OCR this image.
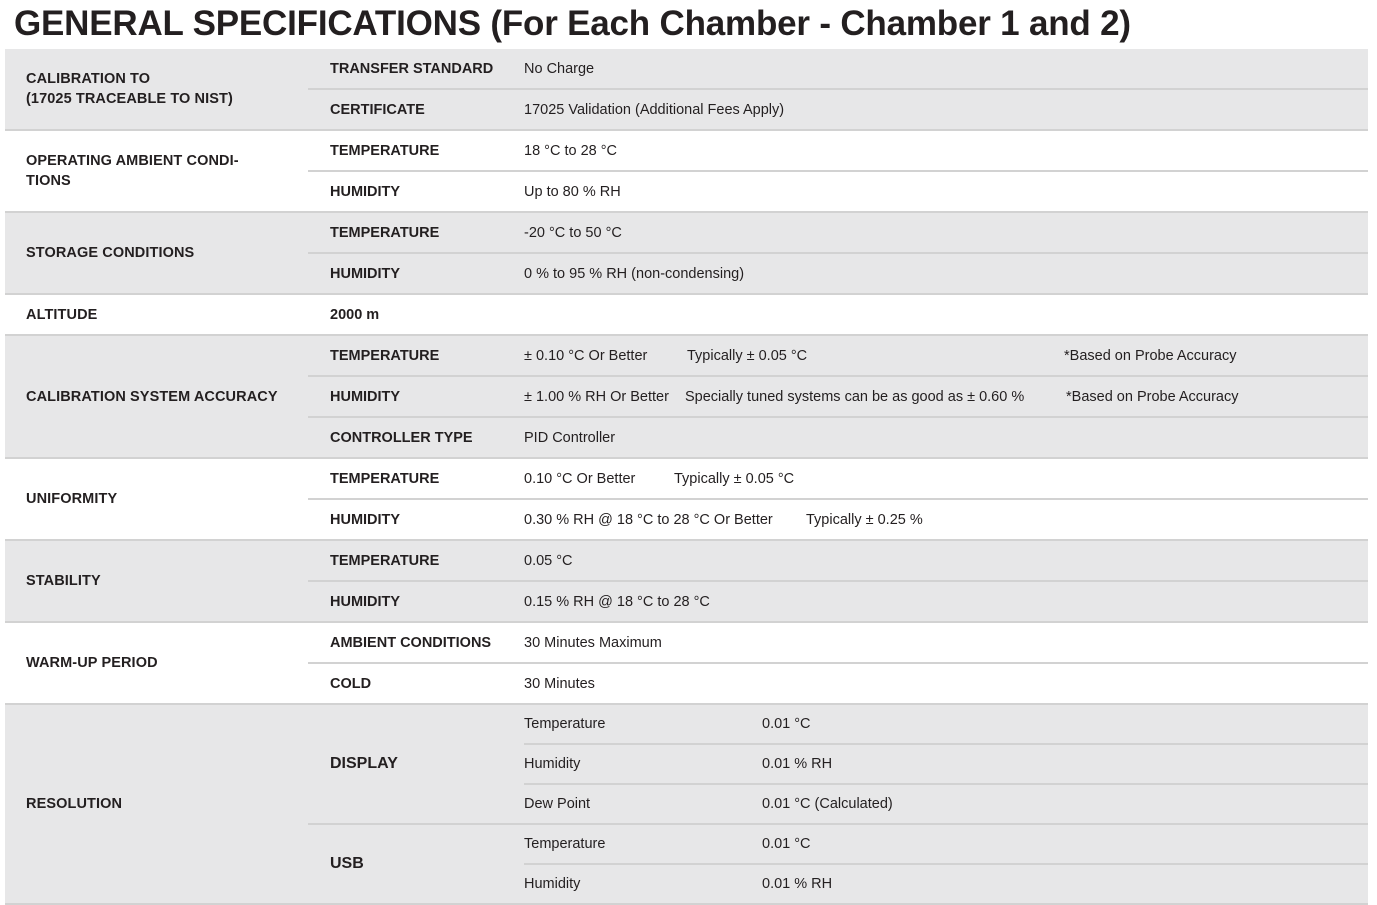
GENERAL SPECIFICATIONS (For Each Chamber - Chamber 1 and 2)
CALIBRATION TO
(17025 TRACEABLE TO NIST)
TRANSFER STANDARD	No Charge
CERTIFICATE	17025 Validation (Additional Fees Apply)
OPERATING AMBIENT CONDI-
TIONS
TEMPERATURE	18 °C to 28 °C
HUMIDITY	Up to 80 % RH
STORAGE CONDITIONS
TEMPERATURE	-20 °C to 50 °C
HUMIDITY	0 % to 95 % RH (non-condensing)
ALTITUDE	2000 m
CALIBRATION SYSTEM ACCURACY
TEMPERATURE	± 0.10 °C Or Better	Typically ± 0.05 °C	*Based on Probe Accuracy
HUMIDITY	± 1.00 % RH Or Better Specially tuned systems can be as good as ± 0.60 %	*Based on Probe Accuracy
CONTROLLER TYPE	PID Controller
UNIFORMITY
TEMPERATURE	0.10 °C Or Better	Typically ± 0.05 °C
HUMIDITY	0.30 % RH @ 18 °C to 28 °C Or Better Typically ± 0.25 %
STABILITY
TEMPERATURE	0.05 °C
HUMIDITY	0.15 % RH @ 18 °C to 28 °C
WARM-UP PERIOD
AMBIENT CONDITIONS	30 Minutes Maximum
COLD	30 Minutes
RESOLUTION
DISPLAY
Temperature	0.01 °C
Humidity	0.01 % RH
Dew Point	0.01 °C (Calculated)
USB
Temperature	0.01 °C
Humidity	0.01 % RH
